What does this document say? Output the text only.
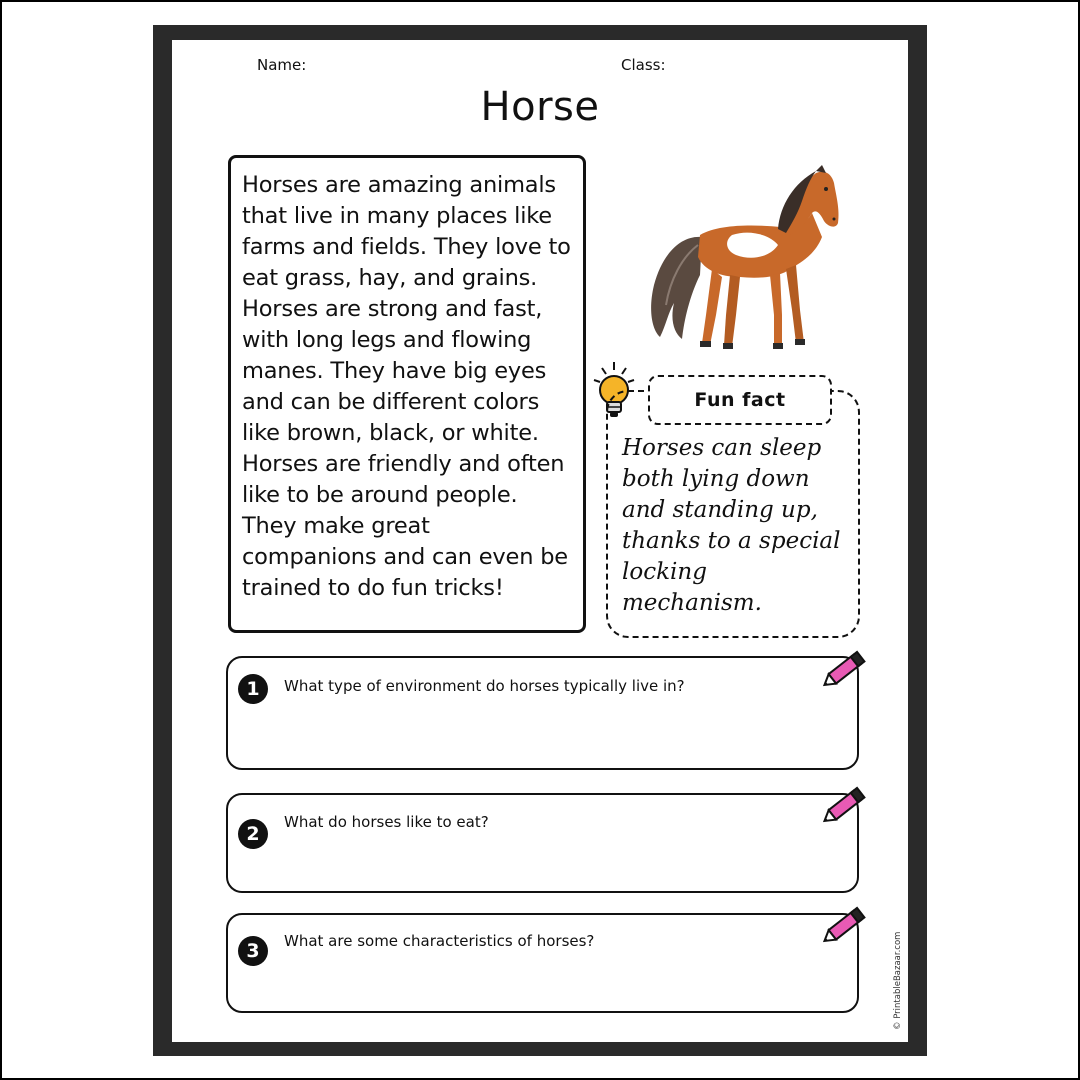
Name:	Class:
Horse

Horses are amazing animals
that live in many places like
farms and fields. They love to
eat grass, hay, and grains.
Horses are strong and fast,
with long legs and flowing
manes. They have big eyes
and can be different colors
like brown, black, or white.
Horses are friendly and often
like to be around people.
They make great
companions and can even be
trained to do fun tricks!

Fun fact

Horses can sleep
both lying down
and standing up,
thanks to a special
locking mechanism.

1	What type of environment do horses typically live in?
2
What do horses like to eat?
3	What are some characteristics of horses?	© PrintableBazaar.com
